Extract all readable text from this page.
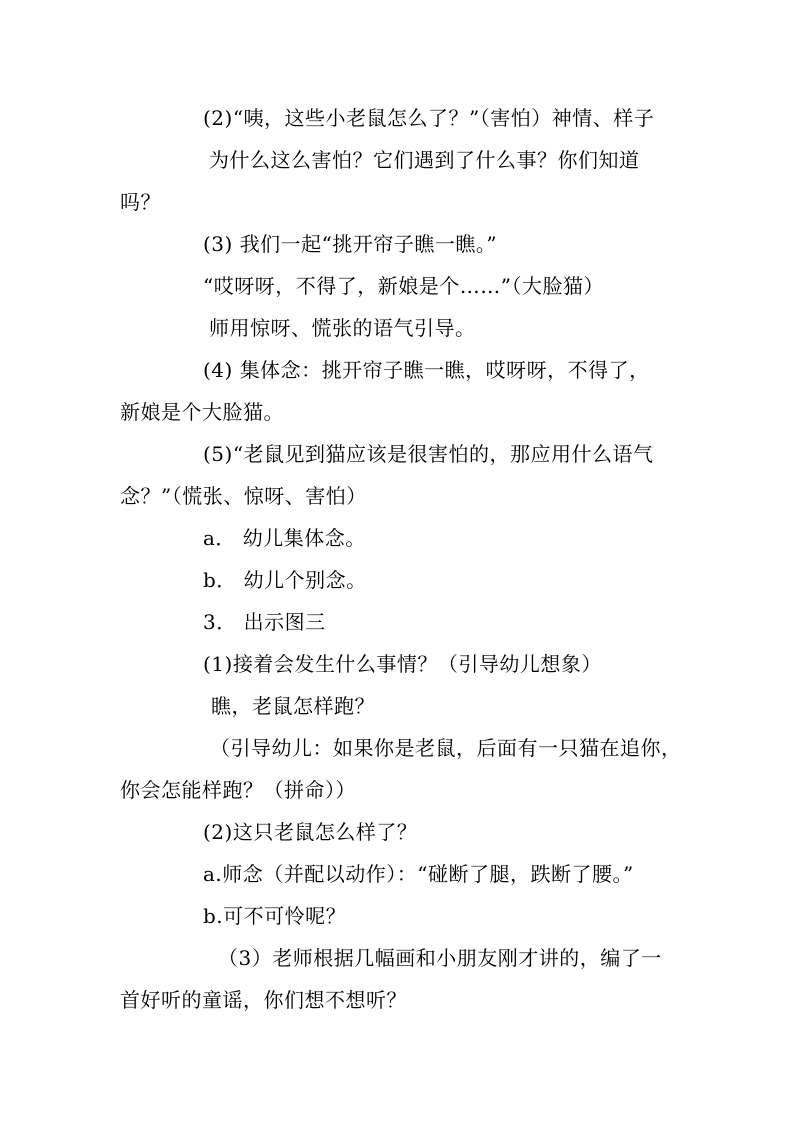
(2)“咦，这些小老鼠怎么了？”（害怕）神情、样子
为什么这么害怕？它们遇到了什么事？你们知道
吗？
(3) 我们一起“挑开帘子瞧一瞧。”
“哎呀呀，不得了，新娘是个……”（大脸猫）
师用惊呀、慌张的语气引导。
(4) 集体念：挑开帘子瞧一瞧，哎呀呀，不得了，
新娘是个大脸猫。
(5)“老鼠见到猫应该是很害怕的，那应用什么语气
念？”（慌张、惊呀、害怕）
a． 幼儿集体念。
b． 幼儿个别念。
3． 出示图三
(1)接着会发生什么事情？（引导幼儿想象）
瞧，老鼠怎样跑？
（引导幼儿：如果你是老鼠，后面有一只猫在追你，
你会怎能样跑？（拼命））
(2)这只老鼠怎么样了？
a.师念（并配以动作）：“碰断了腿，跌断了腰。”
b.可不可怜呢？
（3）老师根据几幅画和小朋友刚才讲的，编了一
首好听的童谣，你们想不想听？
